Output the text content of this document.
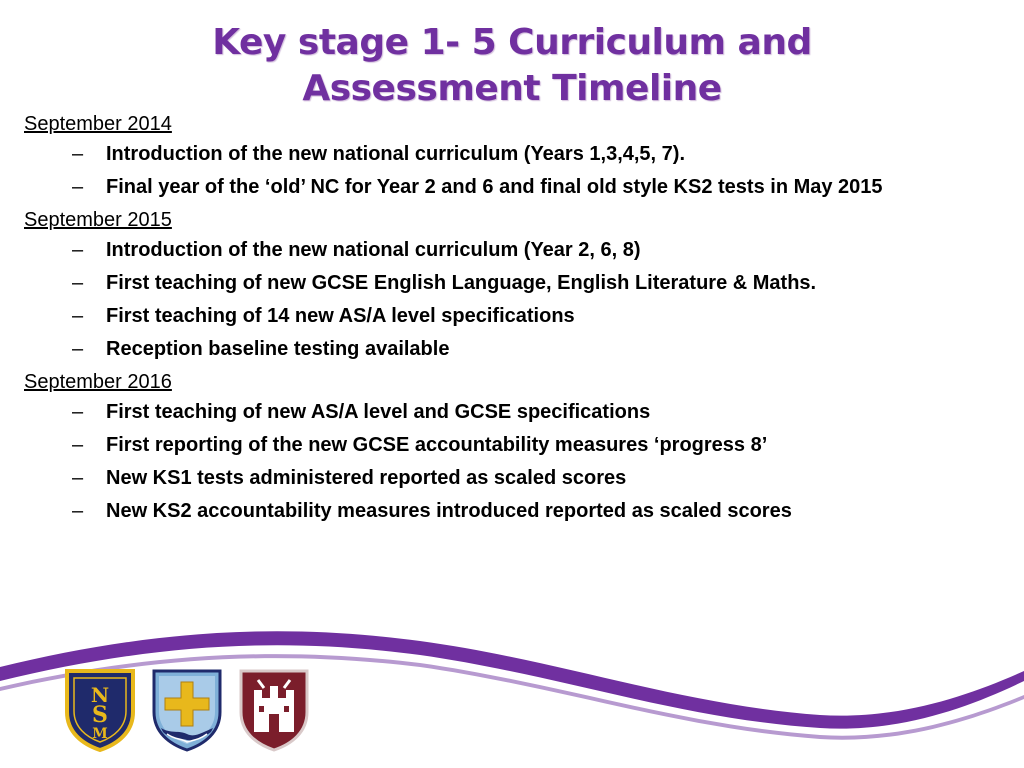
Key stage 1- 5 Curriculum and
Assessment Timeline

September 2014

– Introduction of the new national curriculum (Years 1,3,4,5, 7).
– Final year of the ‘old’ NC for Year 2 and 6 and final old style KS2 tests in May 2015

September 2015

– Introduction of the new national curriculum (Year 2, 6, 8)
– First teaching of new GCSE English Language, English Literature & Maths.
– First teaching of 14 new AS/A level specifications
– Reception baseline testing available

September 2016

– First teaching of new AS/A level and GCSE specifications
– First reporting of the new GCSE accountability measures ‘progress 8’
– New KS1 tests administered reported as scaled scores
– New KS2 accountability measures introduced reported as scaled scores
N
S
M
